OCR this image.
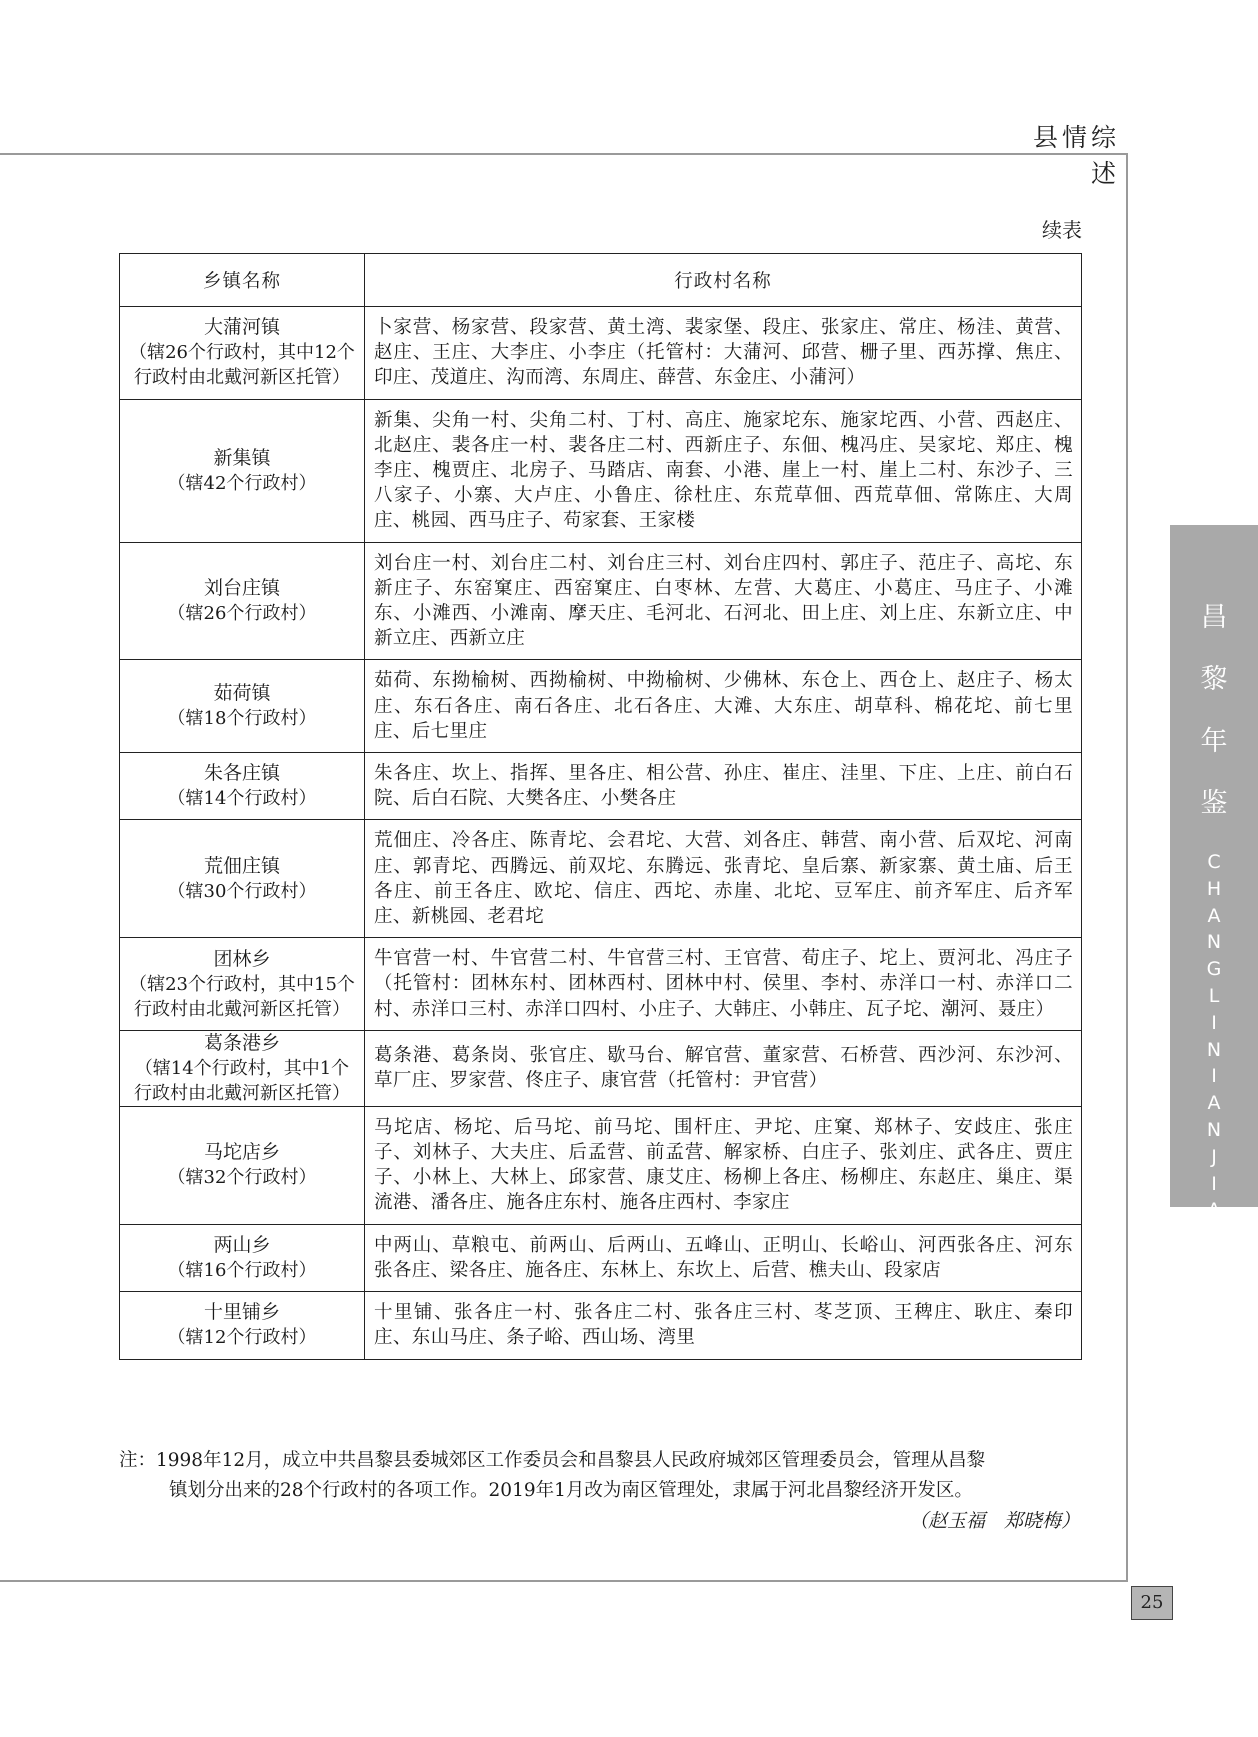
县情综述
昌
黎
年
鉴
C
H
A
N
G
L
I
N
I
A
N
J
I
A
N
续表
乡镇名称	行政村名称

大蒲河镇
（辖26个行政村，其中12个
行政村由北戴河新区托管）	卜家营、杨家营、段家营、黄土湾、裴家堡、段庄、张家庄、常庄、杨洼、黄营、赵庄、王庄、大李庄、小李庄（托管村：大蒲河、邱营、栅子里、西苏撑、焦庄、印庄、茂道庄、沟而湾、东周庄、薛营、东金庄、小蒲河）

新集镇
（辖42个行政村）	新集、尖角一村、尖角二村、丁村、高庄、施家坨东、施家坨西、小营、西赵庄、北赵庄、裴各庄一村、裴各庄二村、西新庄子、东佃、槐冯庄、吴家坨、郑庄、槐李庄、槐贾庄、北房子、马踏店、南套、小港、崖上一村、崖上二村、东沙子、三八家子、小寨、大卢庄、小鲁庄、徐杜庄、东荒草佃、西荒草佃、常陈庄、大周庄、桃园、西马庄子、苟家套、王家楼

刘台庄镇
（辖26个行政村）	刘台庄一村、刘台庄二村、刘台庄三村、刘台庄四村、郭庄子、范庄子、高坨、东新庄子、东窑窠庄、西窑窠庄、白枣林、左营、大葛庄、小葛庄、马庄子、小滩东、小滩西、小滩南、摩天庄、毛河北、石河北、田上庄、刘上庄、东新立庄、中新立庄、西新立庄

茹荷镇
（辖18个行政村）	茹荷、东拗榆树、西拗榆树、中拗榆树、少佛林、东仓上、西仓上、赵庄子、杨太庄、东石各庄、南石各庄、北石各庄、大滩、大东庄、胡草科、棉花坨、前七里庄、后七里庄

朱各庄镇
（辖14个行政村）	朱各庄、坎上、指挥、里各庄、相公营、孙庄、崔庄、洼里、下庄、上庄、前白石院、后白石院、大樊各庄、小樊各庄

荒佃庄镇
（辖30个行政村）	荒佃庄、冷各庄、陈青坨、会君坨、大营、刘各庄、韩营、南小营、后双坨、河南庄、郭青坨、西腾远、前双坨、东腾远、张青坨、皇后寨、新家寨、黄土庙、后王各庄、前王各庄、欧坨、信庄、西坨、赤崖、北坨、豆军庄、前齐军庄、后齐军庄、新桃园、老君坨

团林乡
（辖23个行政村，其中15个
行政村由北戴河新区托管）	牛官营一村、牛官营二村、牛官营三村、王官营、荀庄子、坨上、贾河北、冯庄子（托管村：团林东村、团林西村、团林中村、侯里、李村、赤洋口一村、赤洋口二村、赤洋口三村、赤洋口四村、小庄子、大韩庄、小韩庄、瓦子坨、潮河、聂庄）

葛条港乡
（辖14个行政村，其中1个
行政村由北戴河新区托管）	葛条港、葛条岗、张官庄、歇马台、解官营、董家营、石桥营、西沙河、东沙河、草厂庄、罗家营、佟庄子、康官营（托管村：尹官营）

马坨店乡
（辖32个行政村）	马坨店、杨坨、后马坨、前马坨、围杆庄、尹坨、庄窠、郑林子、安歧庄、张庄子、刘林子、大夫庄、后孟营、前孟营、解家桥、白庄子、张刘庄、武各庄、贾庄子、小林上、大林上、邱家营、康艾庄、杨柳上各庄、杨柳庄、东赵庄、巢庄、渠流港、潘各庄、施各庄东村、施各庄西村、李家庄

两山乡
（辖16个行政村）	中两山、草粮屯、前两山、后两山、五峰山、正明山、长峪山、河西张各庄、河东张各庄、梁各庄、施各庄、东林上、东坎上、后营、樵夫山、段家店

十里铺乡
（辖12个行政村）	十里铺、张各庄一村、张各庄二村、张各庄三村、苳芝顶、王稗庄、耿庄、秦印庄、东山马庄、条子峪、西山场、湾里
注：1998年12月，成立中共昌黎县委城郊区工作委员会和昌黎县人民政府城郊区管理委员会，管理从昌黎
镇划分出来的28个行政村的各项工作。2019年1月改为南区管理处，隶属于河北昌黎经济开发区。
（赵玉福　郑晓梅）
25
